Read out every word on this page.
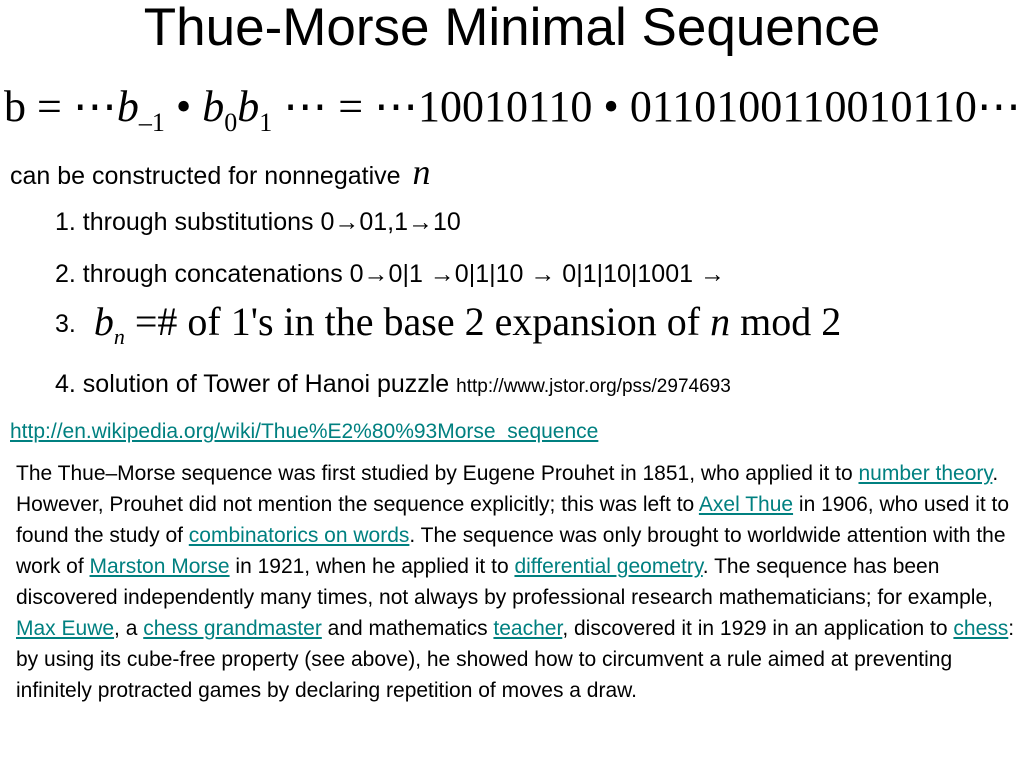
Thue-Morse Minimal Sequence
$b = \cdots b_{-1}$ • $b_0b_1$ ⋯ = ⋯10010110 • 0110100110010110⋯
can be constructed for nonnegative n
1. through substitutions 0→01,1→10
2. through concatenations 0→0|1 →0|1|10 → 0|1|10|1001 →
3. $b_n$ =# of 1's in the base 2 expansion of n mod 2
4. solution of Tower of Hanoi puzzle http://www.jstor.org/pss/2974693
http://en.wikipedia.org/wiki/Thue%E2%80%93Morse_sequence
The Thue–Morse sequence was first studied by Eugene Prouhet in 1851, who applied it to number theory. However, Prouhet did not mention the sequence explicitly; this was left to Axel Thue in 1906, who used it to found the study of combinatorics on words. The sequence was only brought to worldwide attention with the work of Marston Morse in 1921, when he applied it to differential geometry. The sequence has been discovered independently many times, not always by professional research mathematicians; for example, Max Euwe, a chess grandmaster and mathematics teacher, discovered it in 1929 in an application to chess: by using its cube-free property (see above), he showed how to circumvent a rule aimed at preventing infinitely protracted games by declaring repetition of moves a draw.
